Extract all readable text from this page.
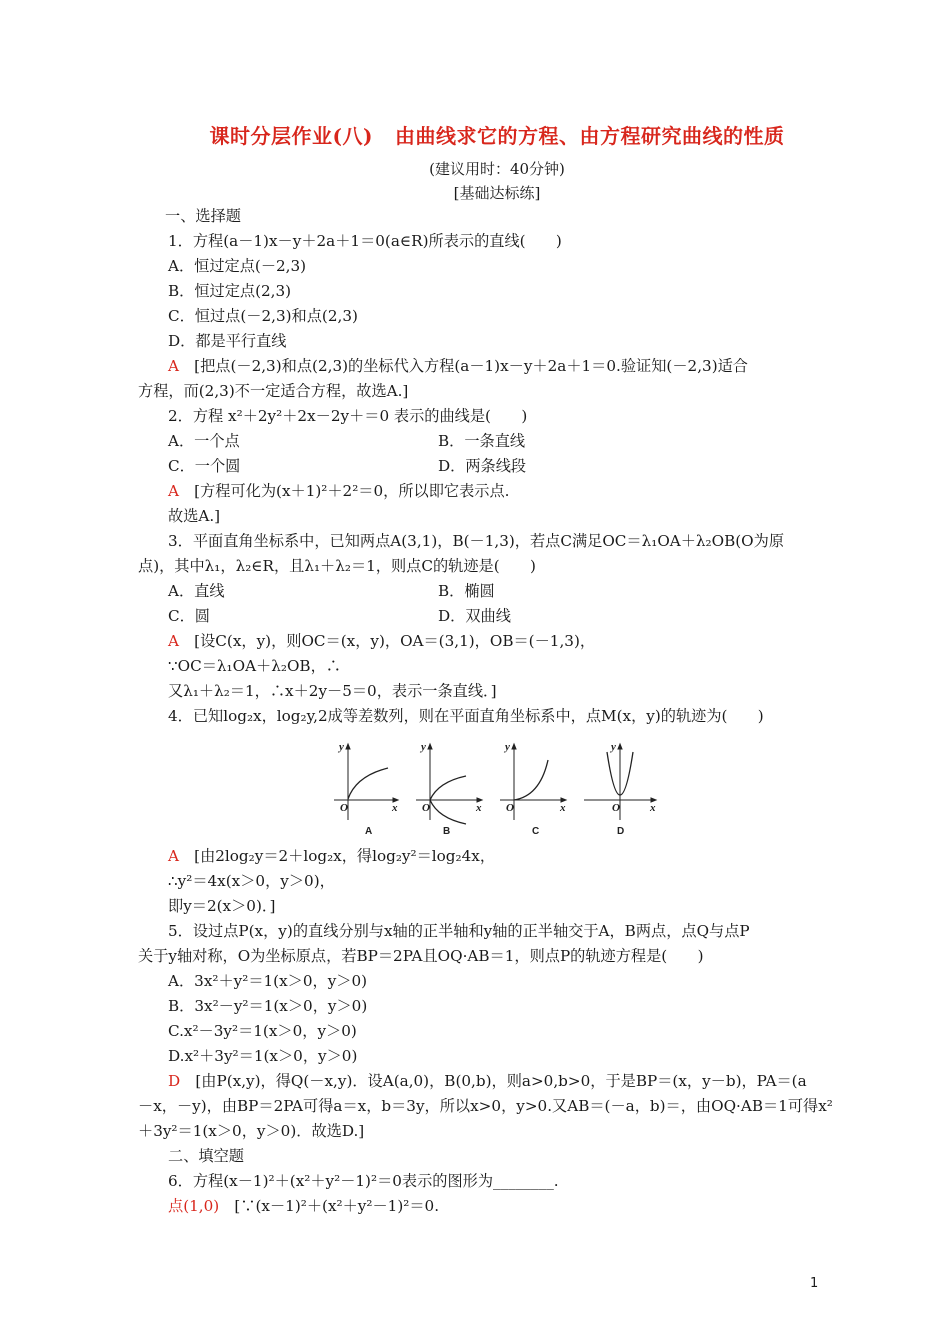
课时分层作业(八) 由曲线求它的方程、由方程研究曲线的性质
(建议用时：40分钟)
[基础达标练]
一、选择题
1．方程(a－1)x－y＋2a＋1＝0(a∈R)所表示的直线(　　)
A．恒过定点(－2,3)
B．恒过定点(2,3)
C．恒过点(－2,3)和点(2,3)
D．都是平行直线
A　 [把点(－2,3)和点(2,3)的坐标代入方程(a－1)x－y＋2a＋1＝0.验证知(－2,3)适合
方程，而(2,3)不一定适合方程，故选A.]
2．方程 x²＋2y²＋2x－2y＋＝0 表示的曲线是(　　)
A．一个点	B．一条直线
C．一个圆	D．两条线段
A　 [方程可化为(x＋1)²＋2²＝0，所以即它表示点.
故选A.]
3．平面直角坐标系中，已知两点A(3,1)，B(－1,3)，若点C满足OC＝λ₁OA＋λ₂OB(O为原
点)，其中λ₁，λ₂∈R，且λ₁＋λ₂＝1，则点C的轨迹是(　　)
A．直线	B．椭圆
C．圆	D．双曲线
A　 [设C(x，y)，则OC＝(x，y)，OA＝(3,1)，OB＝(－1,3)，
∵OC＝λ₁OA＋λ₂OB，∴
又λ₁＋λ₂＝1，∴x＋2y－5＝0，表示一条直线．]
4．已知log₂x，log₂y,2成等差数列，则在平面直角坐标系中，点M(x，y)的轨迹为(　　)
y
O	x
y
O	x
y
O	x
y
O	x
A	B	C	D
A　 [由2log₂y＝2＋log₂x，得log₂y²＝log₂4x，
∴y²＝4x(x＞0，y＞0)，
即y＝2(x＞0)．]
5．设过点P(x，y)的直线分别与x轴的正半轴和y轴的正半轴交于A，B两点，点Q与点P
关于y轴对称，O为坐标原点，若BP＝2PA且OQ·AB＝1，则点P的轨迹方程是(　　)
A．3x²＋y²＝1(x＞0，y＞0)
B．3x²－y²＝1(x＞0，y＞0)
C.x²－3y²＝1(x＞0，y＞0)
D.x²＋3y²＝1(x＞0，y＞0)
D　 [由P(x,y)，得Q(－x,y)．设A(a,0)，B(0,b)，则a>0,b>0，于是BP＝(x，y－b)，PA＝(a
－x，－y)，由BP＝2PA可得a＝x，b＝3y，所以x>0，y>0.又AB＝(－a，b)＝，由OQ·AB＝1可得x²
＋3y²＝1(x＞0，y＞0)．故选D.]
二、填空题
6．方程(x－1)²＋(x²＋y²－1)²＝0表示的图形为________.
点(1,0)　 [∵(x－1)²＋(x²＋y²－1)²＝0.
1
